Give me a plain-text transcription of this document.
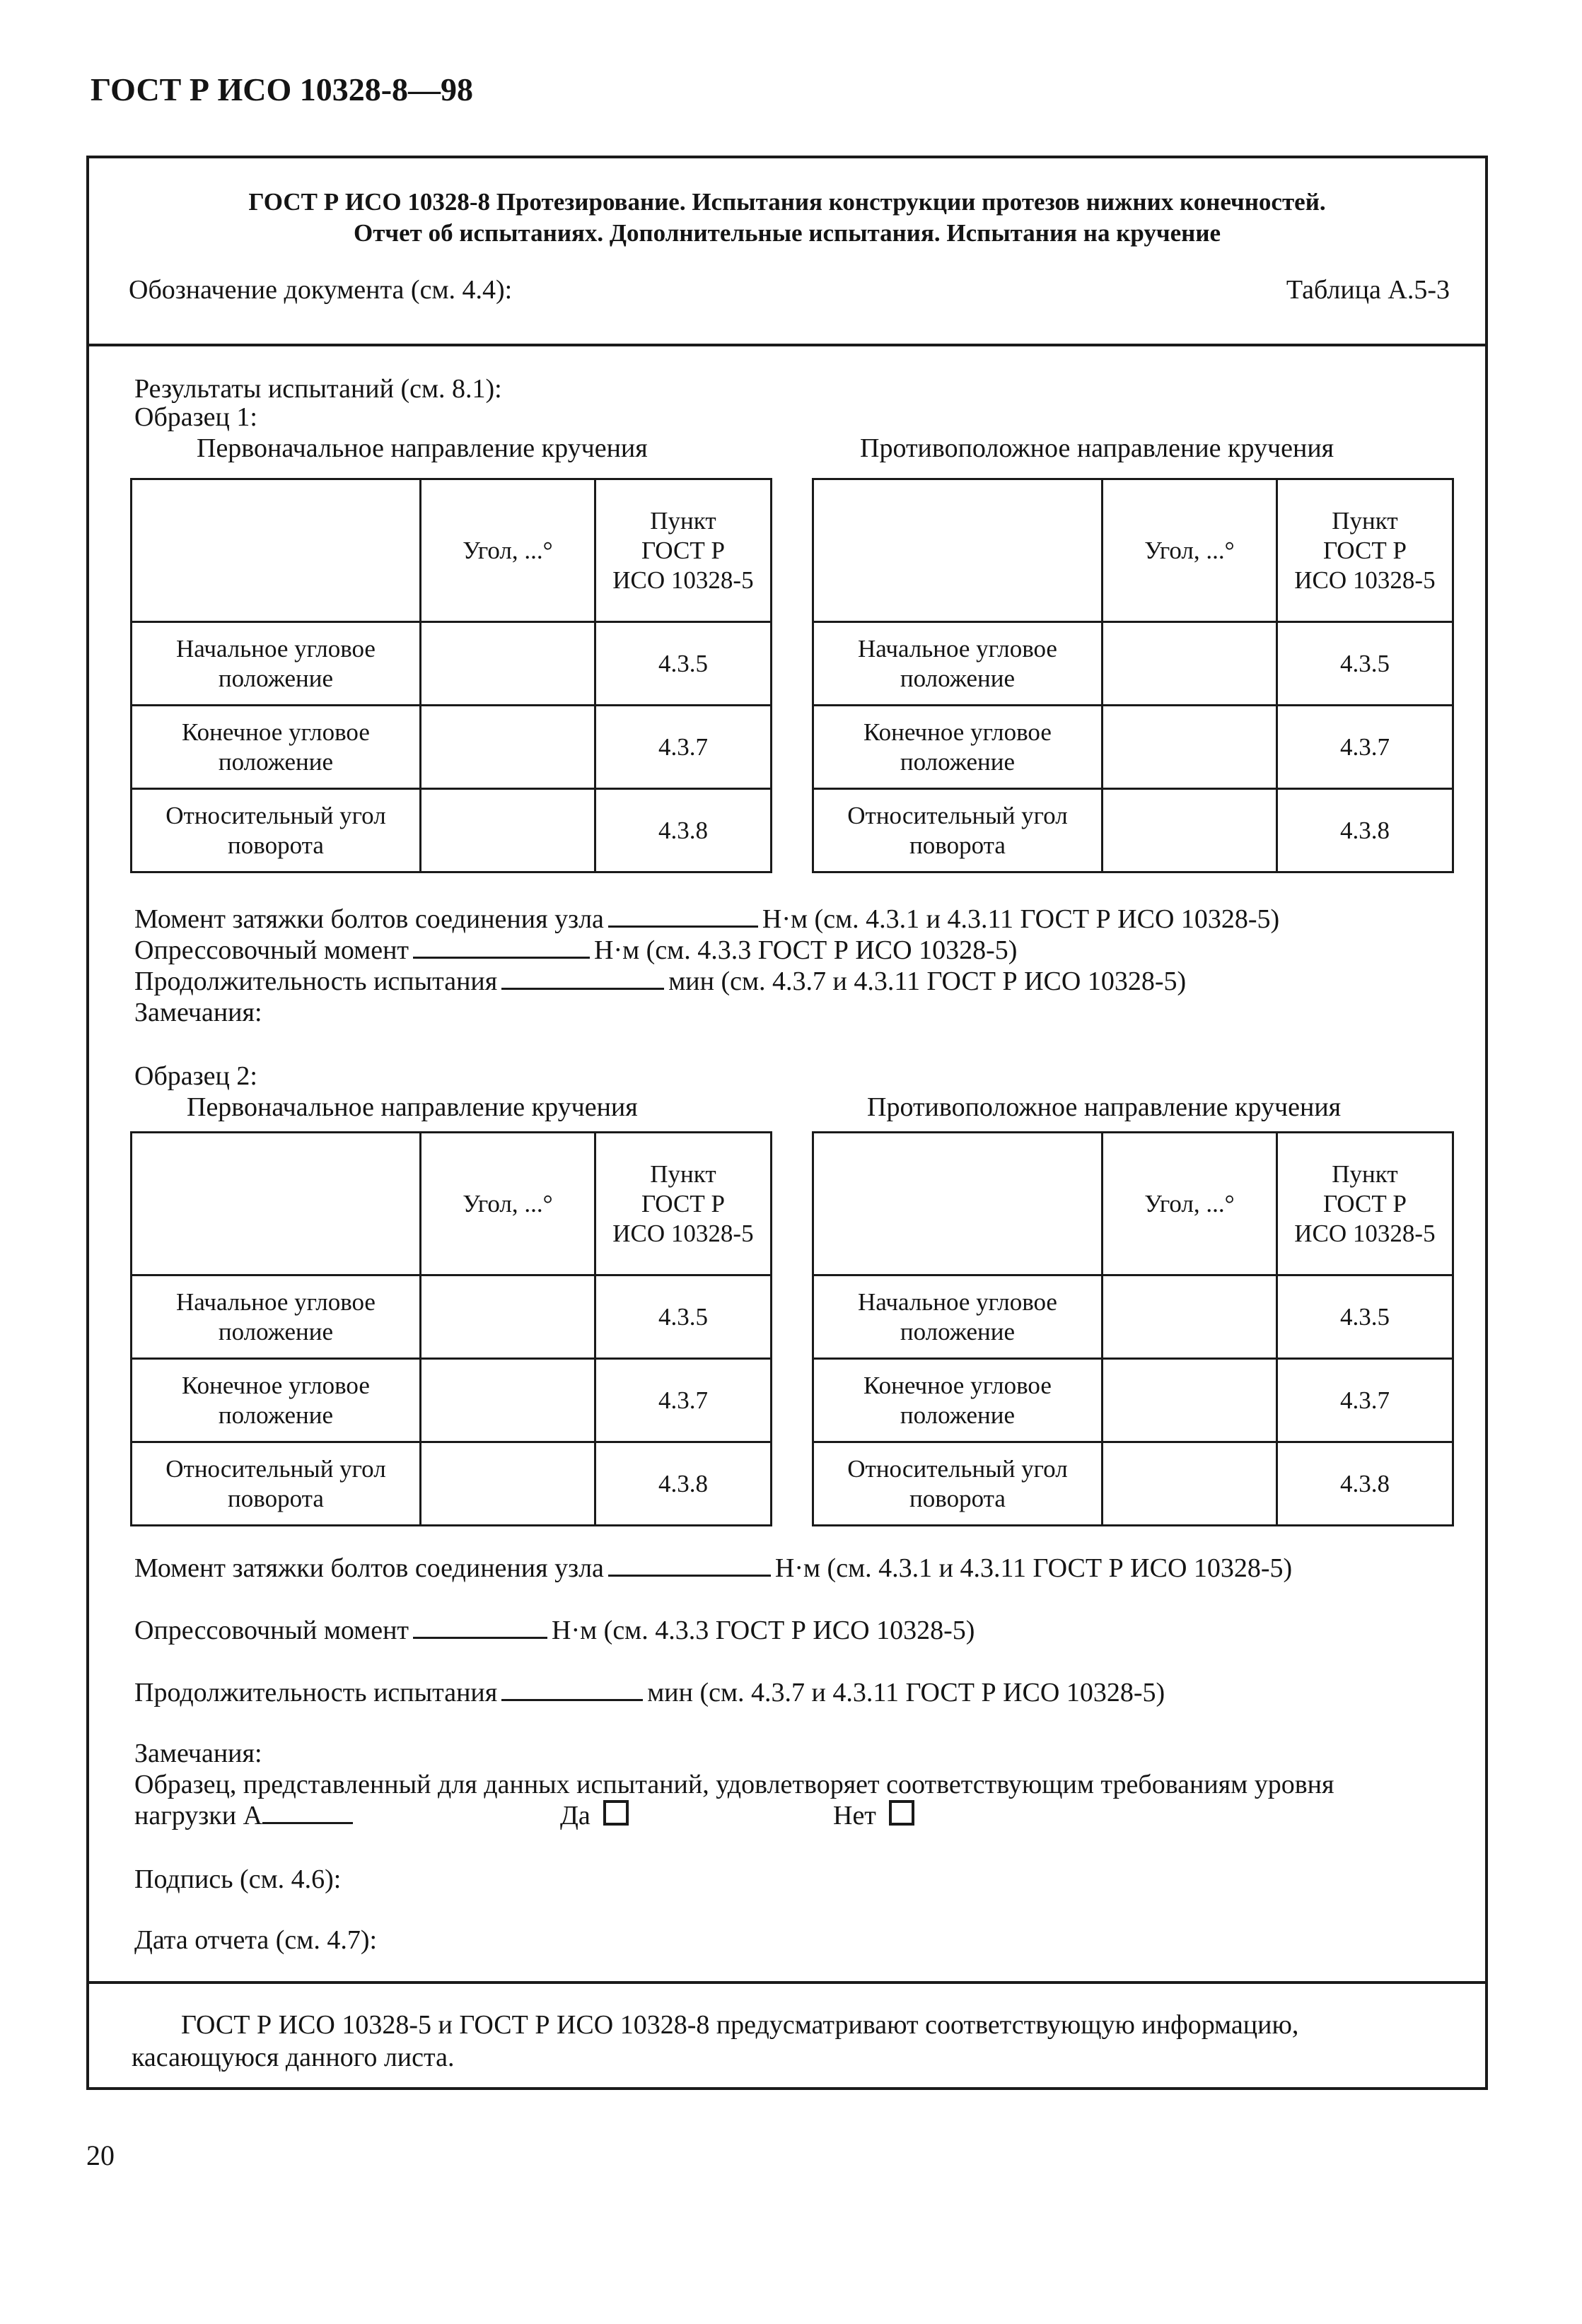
ГОСТ Р ИСО 10328-8—98
ГОСТ Р ИСО 10328-8 Протезирование. Испытания конструкции протезов нижних конечностей.
Отчет об испытаниях. Дополнительные испытания. Испытания на кручение
Обозначение документа (см. 4.4):	Таблица А.5-3
Результаты испытаний (см. 8.1):
Образец 1:
Первоначальное направление кручения	Противоположное направление кручения
	Угол, ...°	Пункт
ГОСТ Р
ИСО 10328-5
Начальное угловое
положение		4.3.5
Конечное угловое
положение		4.3.7
Относительный угол
поворота		4.3.8
	Угол, ...°	Пункт
ГОСТ Р
ИСО 10328-5
Начальное угловое
положение		4.3.5
Конечное угловое
положение		4.3.7
Относительный угол
поворота		4.3.8
Момент затяжки болтов соединения узла	Н·м (см. 4.3.1 и 4.3.11 ГОСТ Р ИСО 10328-5)
Опрессовочный момент	Н·м (см. 4.3.3 ГОСТ Р ИСО 10328-5)
Продолжительность испытания	мин (см. 4.3.7 и 4.3.11 ГОСТ Р ИСО 10328-5)
Замечания:
Образец 2:
Первоначальное направление кручения	Противоположное направление кручения
	Угол, ...°	Пункт
ГОСТ Р
ИСО 10328-5
Начальное угловое
положение		4.3.5
Конечное угловое
положение		4.3.7
Относительный угол
поворота		4.3.8
	Угол, ...°	Пункт
ГОСТ Р
ИСО 10328-5
Начальное угловое
положение		4.3.5
Конечное угловое
положение		4.3.7
Относительный угол
поворота		4.3.8
Момент затяжки болтов соединения узла	Н·м (см. 4.3.1 и 4.3.11 ГОСТ Р ИСО 10328-5)
Опрессовочный момент	Н·м (см. 4.3.3 ГОСТ Р ИСО 10328-5)
Продолжительность испытания	мин (см. 4.3.7 и 4.3.11 ГОСТ Р ИСО 10328-5)
Замечания:
Образец, представленный для данных испытаний, удовлетворяет соответствующим требованиям уровня
нагрузки А	Да	Нет
Подпись (см. 4.6):
Дата отчета (см. 4.7):
ГОСТ Р ИСО 10328-5 и ГОСТ Р ИСО 10328-8 предусматривают соответствующую информацию,
касающуюся данного листа.
20
